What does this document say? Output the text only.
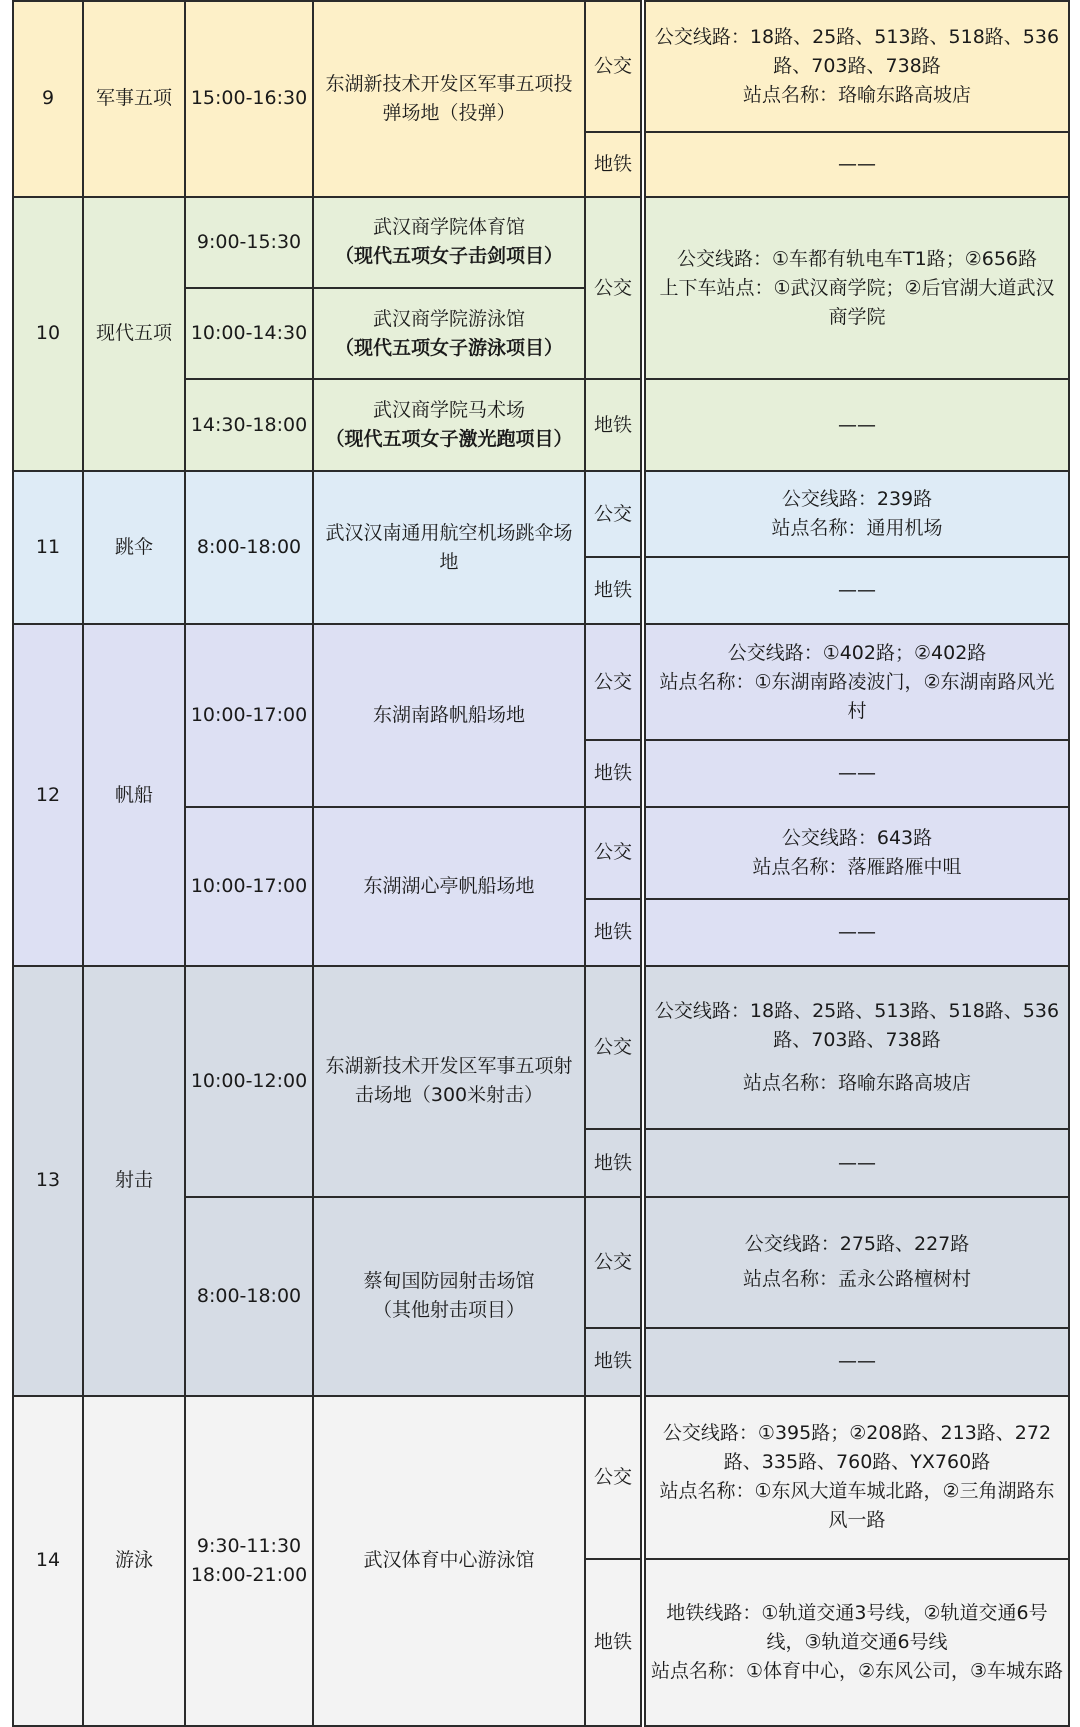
9	军事五项	15:00-16:30	东湖新技术开发区军事五项投弹场地（投弹）	公交	公交线路：18路、25路、513路、518路、536路、703路、738路
站点名称：珞喻东路高坡店

				地铁	——
10	现代五项	9:00-15:30	武汉商学院体育馆
（现代五项女子击剑项目）	公交	公交线路：①车都有轨电车T1路；②656路
上下车站点：①武汉商学院；②后官湖大道武汉商学院

		10:00-14:30	武汉商学院游泳馆
（现代五项女子游泳项目）		

		14:30-18:00	武汉商学院马术场
（现代五项女子激光跑项目）	地铁	——
11	跳伞	8:00-18:00	武汉汉南通用航空机场跳伞场地	公交	公交线路：239路
站点名称：通用机场

				地铁	——
12	帆船	10:00-17:00	东湖南路帆船场地	公交	公交线路：①402路；②402路
站点名称：①东湖南路凌波门，②东湖南路风光村

				地铁	——
		10:00-17:00	东湖湖心亭帆船场地	公交	公交线路：643路
站点名称：落雁路雁中咀

				地铁	——
13	射击	10:00-12:00	东湖新技术开发区军事五项射击场地（300米射击）	公交	公交线路：18路、25路、513路、518路、536路、703路、738路
站点名称：珞喻东路高坡店

				地铁	——
		8:00-18:00	蔡甸国防园射击场馆
（其他射击项目）	公交	公交线路：275路、227路
站点名称：孟永公路檀树村

				地铁	——
14	游泳	9:30-11:30
18:00-21:00	武汉体育中心游泳馆	公交	公交线路：①395路；②208路、213路、272路、335路、760路、YX760路
站点名称：①东风大道车城北路，②三角湖路东风一路

				地铁	地铁线路：①轨道交通3号线，②轨道交通6号线，③轨道交通6号线
站点名称：①体育中心，②东风公司，③车城东路
